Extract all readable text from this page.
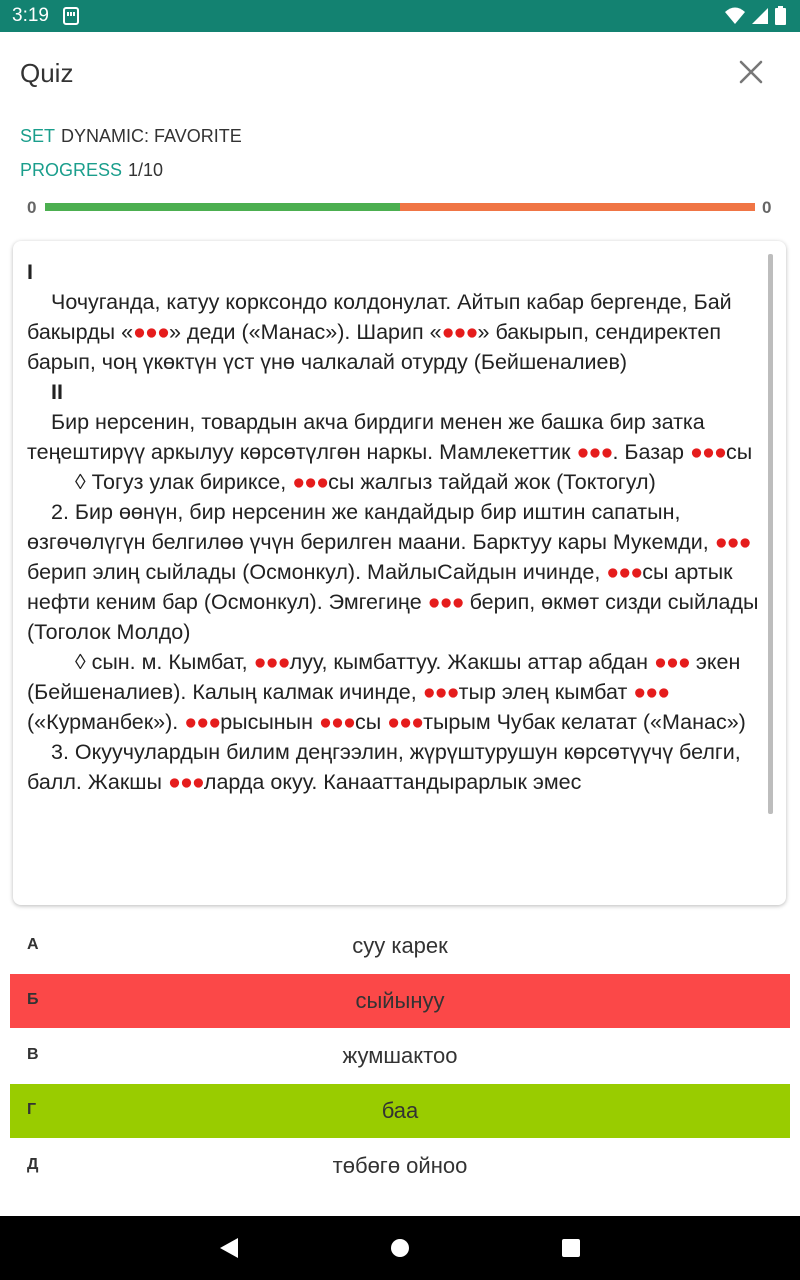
3:19
Quiz
SET DYNAMIC: FAVORITE
PROGRESS 1/10
0	0

I

Чочуганда, катуу коркcондо колдонулат. Айтып кабар бергенде, Бай бакырды «●●●» деди («Манас»). Шарип «●●●» бакырып, сендиректеп барып, чоң үкөктүн үст үнө чалкалай отурду (Бейшеналиев)

II

Бир нерсенин, товардын акча бирдиги менен же башка бир затка теңештирүү аркылуу көрсөтүлгөн наркы. Мамлекеттик ●●●. Базар ●●●сы

◊ Тогуз улак бириксе, ●●●сы жалгыз тайдай жок (Токтогул)

2. Бир өөнүн, бир нерсенин же кандайдыр бир иштин сапатын, өзгөчөлүгүн белгилөө үчүн берилген маани. Барктуу кары Мукемди, ●●● берип элиң сыйлады (Осмонкул). МайлыСайдын ичинде, ●●●сы артык нефти кеним бар (Осмонкул). Эмгегиңе ●●● берип, өкмөт сизди сыйлады (Тоголок Молдо)

◊ сын. м. Кымбат, ●●●луу, кымбаттуу. Жакшы аттар абдан ●●● экен (Бейшеналиев). Калың калмак ичинде, ●●●тыр элең кымбат ●●● («Курманбек»). ●●●рысынын ●●●сы ●●●тырым Чубак келатат («Манас»)

3. Окуучулардын билим деңгээлин, жүрүштурушун көрсөтүүчү белги, балл. Жакшы ●●●ларда окуу. Канааттандырарлык эмес

суу карек
А
сыйынуу
Б
жумшактоо
В
баа
Г
төбөгө ойноо
Д
